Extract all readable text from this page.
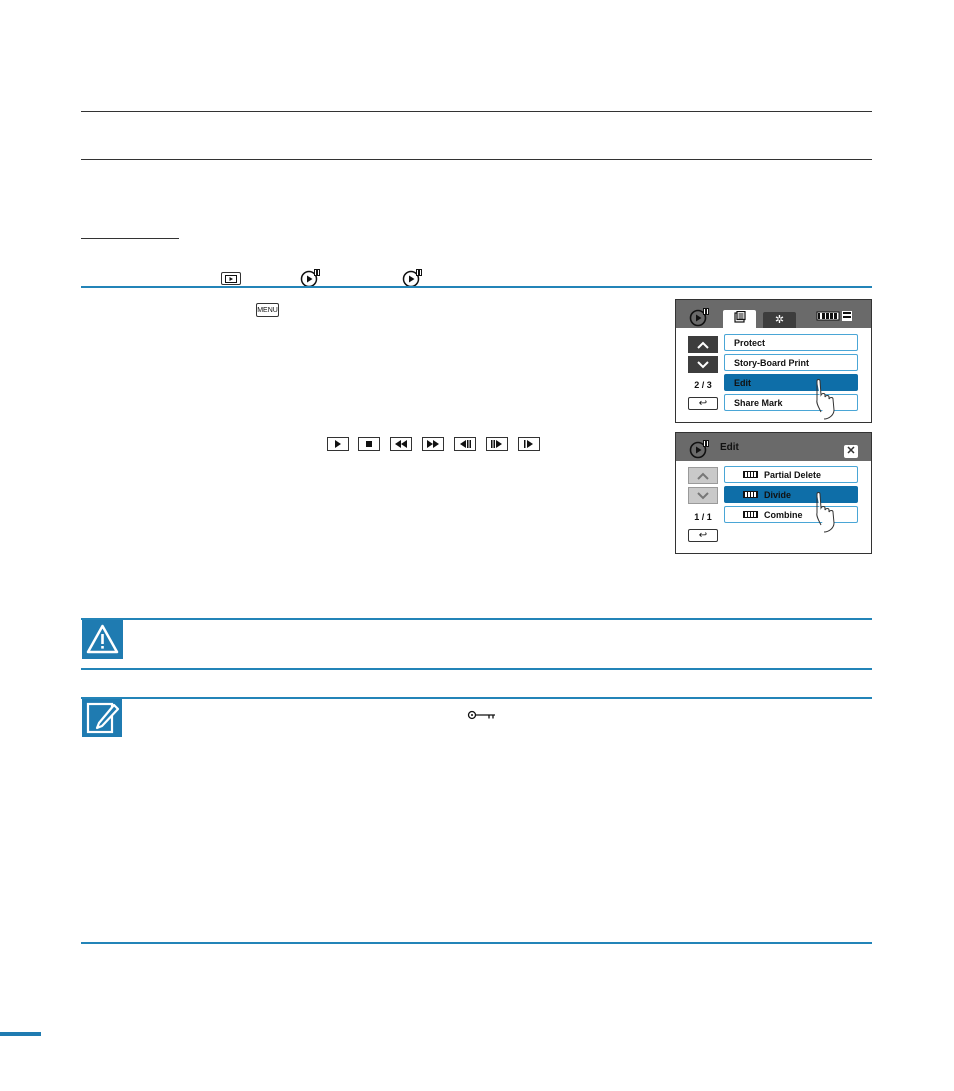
MENU
✲
2 / 3
↩
Protect
Story-Board Print
Edit
Share Mark
Edit	✕
1 / 1
↩
Partial Delete
Divide
Combine
